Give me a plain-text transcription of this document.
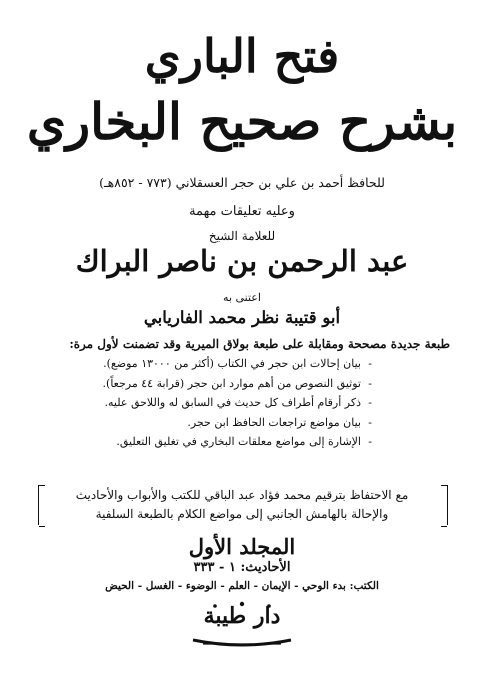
فتح الباري
بشرح صحيح البخاري
للحافظ أحمد بن علي بن حجر العسقلاني (٧٧٣ - ٨٥٢هـ)
وعليه تعليقات مهمة
للعلامة الشيخ
عبد الرحمن بن ناصر البراك
اعتنى به
أبو قتيبة نظر محمد الفاريابي
طبعة جديدة مصححة ومقابلة على طبعة بولاق الميرية وقد تضمنت لأول مرة:
- بيان إحالات ابن حجر في الكتاب (أكثر من ١٣٠٠٠ موضع).
- توثيق النصوص من أهم موارد ابن حجر (قرابة ٤٤ مرجعاً).
- ذكر أرقام أطراف كل حديث في السابق له واللاحق عليه.
- بيان مواضع تراجعات الحافظ ابن حجر.
- الإشارة إلى مواضع معلقات البخاري في تغليق التعليق.
مع الاحتفاظ بترقيم محمد فؤاد عبد الباقي للكتب والأبواب والأحاديث
والإحالة بالهامش الجانبي إلى مواضع الكلام بالطبعة السلفية
المجلد الأول
الأحاديث: ١ - ٣٣٣
الكتب: بدء الوحي - الإيمان - العلم - الوضوء - الغسل - الحيض
دار طيبة
